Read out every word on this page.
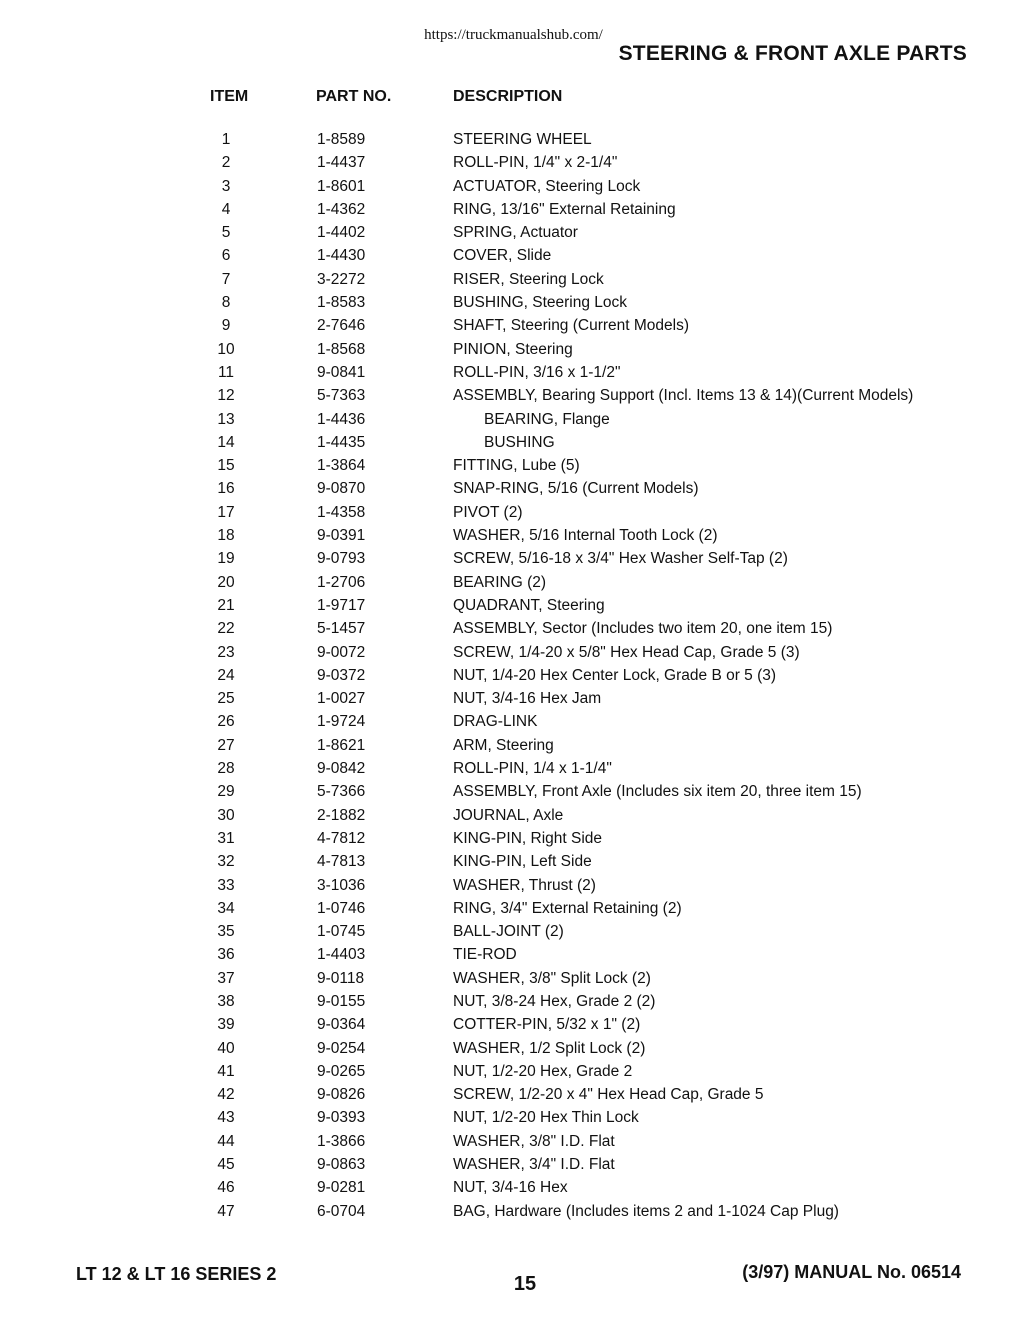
https://truckmanualshub.com/
STEERING & FRONT AXLE PARTS
ITEM	PART NO.	DESCRIPTION
1	1-8589	STEERING WHEEL
2	1-4437	ROLL-PIN, 1/4" x 2-1/4"
3	1-8601	ACTUATOR, Steering Lock
4	1-4362	RING, 13/16" External Retaining
5	1-4402	SPRING, Actuator
6	1-4430	COVER, Slide
7	3-2272	RISER, Steering Lock
8	1-8583	BUSHING, Steering Lock
9	2-7646	SHAFT, Steering (Current Models)
10	1-8568	PINION, Steering
11	9-0841	ROLL-PIN, 3/16 x 1-1/2"
12	5-7363	ASSEMBLY, Bearing Support (Incl. Items 13 & 14)(Current Models)
13	1-4436	BEARING, Flange
14	1-4435	BUSHING
15	1-3864	FITTING, Lube (5)
16	9-0870	SNAP-RING, 5/16 (Current Models)
17	1-4358	PIVOT (2)
18	9-0391	WASHER, 5/16 Internal Tooth Lock (2)
19	9-0793	SCREW, 5/16-18 x 3/4" Hex Washer Self-Tap (2)
20	1-2706	BEARING (2)
21	1-9717	QUADRANT, Steering
22	5-1457	ASSEMBLY, Sector (Includes two item 20, one item 15)
23	9-0072	SCREW, 1/4-20 x 5/8" Hex Head Cap, Grade 5 (3)
24	9-0372	NUT, 1/4-20 Hex Center Lock, Grade B or 5 (3)
25	1-0027	NUT, 3/4-16 Hex Jam
26	1-9724	DRAG-LINK
27	1-8621	ARM, Steering
28	9-0842	ROLL-PIN, 1/4 x 1-1/4"
29	5-7366	ASSEMBLY, Front Axle (Includes six item 20, three item 15)
30	2-1882	JOURNAL, Axle
31	4-7812	KING-PIN, Right Side
32	4-7813	KING-PIN, Left Side
33	3-1036	WASHER, Thrust (2)
34	1-0746	RING, 3/4" External Retaining (2)
35	1-0745	BALL-JOINT (2)
36	1-4403	TIE-ROD
37	9-0118	WASHER, 3/8" Split Lock (2)
38	9-0155	NUT, 3/8-24 Hex, Grade 2 (2)
39	9-0364	COTTER-PIN, 5/32 x 1" (2)
40	9-0254	WASHER, 1/2 Split Lock (2)
41	9-0265	NUT, 1/2-20 Hex, Grade 2
42	9-0826	SCREW, 1/2-20 x 4" Hex Head Cap, Grade 5
43	9-0393	NUT, 1/2-20 Hex Thin Lock
44	1-3866	WASHER, 3/8" I.D. Flat
45	9-0863	WASHER, 3/4" I.D. Flat
46	9-0281	NUT, 3/4-16 Hex
47	6-0704	BAG, Hardware (Includes items 2 and 1-1024 Cap Plug)
LT 12 & LT 16 SERIES 2	15
(3/97) MANUAL No. 06514
